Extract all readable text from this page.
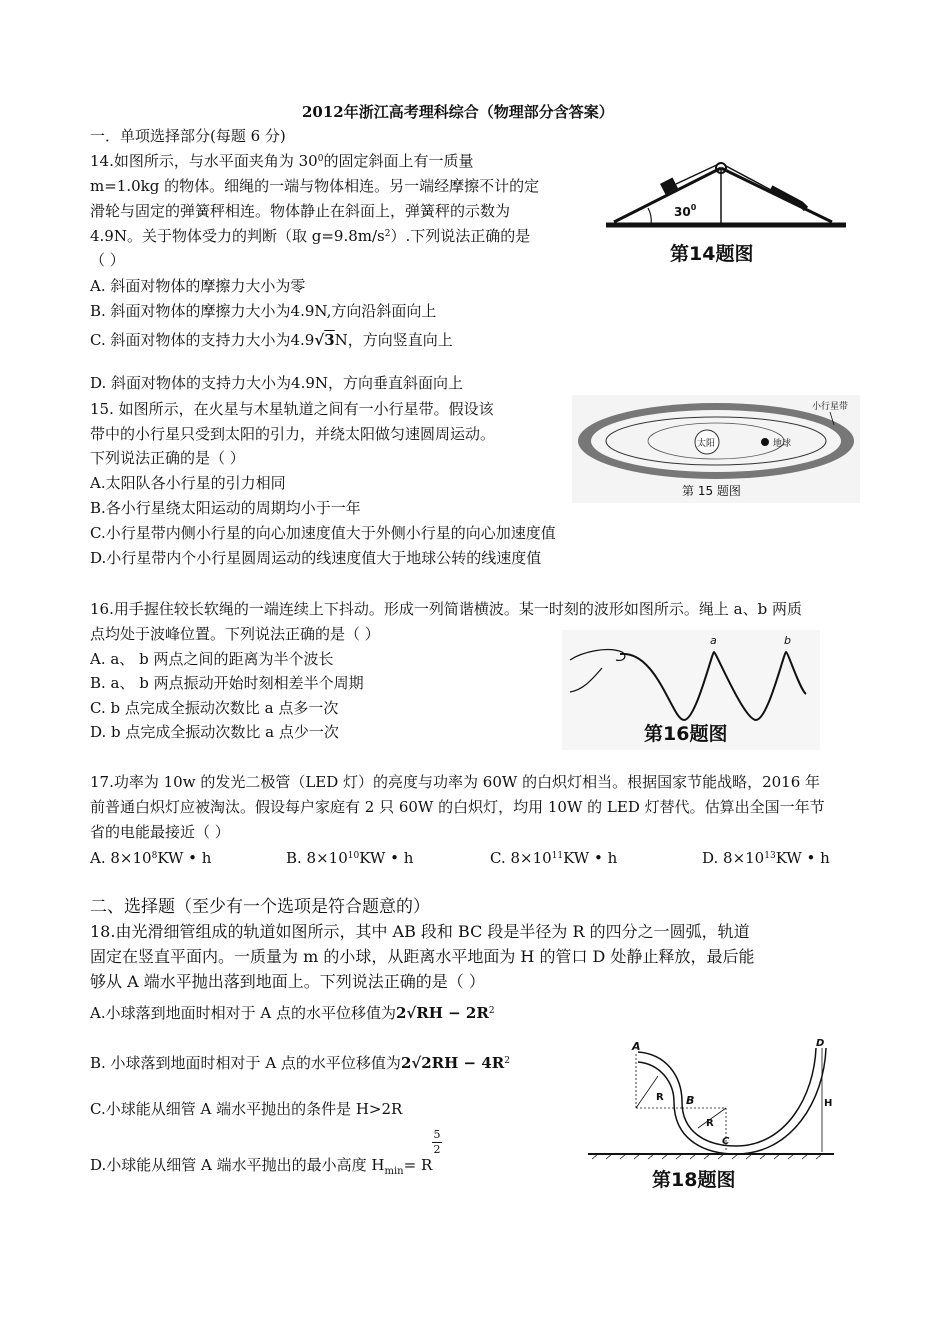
2012年浙江高考理科综合（物理部分含答案）
一．单项选择部分(每题 6 分)
14.如图所示，与水平面夹角为 $30^0$的固定斜面上有一质量
m=1.0kg 的物体。细绳的一端与物体相连。另一端经摩擦不计的定
滑轮与固定的弹簧秤相连。物体静止在斜面上，弹簧秤的示数为
4.9N。关于物体受力的判断（取 $g=9.8m/s^2$）.下列说法正确的是
（ ）
A. 斜面对物体的摩擦力大小为零
B. 斜面对物体的摩擦力大小为4.9N,方向沿斜面向上
C. 斜面对物体的支持力大小为4.9√3N，方向竖直向上
D. 斜面对物体的支持力大小为4.9N，方向垂直斜面向上
$30^0$
第14题图
15. 如图所示，在火星与木星轨道之间有一小行星带。假设该
带中的小行星只受到太阳的引力，并绕太阳做匀速圆周运动。
下列说法正确的是（ ）
A.太阳队各小行星的引力相同
B.各小行星绕太阳运动的周期均小于一年
C.小行星带内侧小行星的向心加速度值大于外侧小行星的向心加速度值
D.小行星带内个小行星圆周运动的线速度值大于地球公转的线速度值
太阳	地球
小行星带
第 15 题图
16.用手握住较长软绳的一端连续上下抖动。形成一列简谐横波。某一时刻的波形如图所示。绳上 a、b 两质
点均处于波峰位置。下列说法正确的是（ ）
A. a、 b 两点之间的距离为半个波长
B. a、 b 两点振动开始时刻相差半个周期
C. b 点完成全振动次数比 a 点多一次
D. b 点完成全振动次数比 a 点少一次
a	b
第16题图
17.功率为 10w 的发光二极管（LED 灯）的亮度与功率为 60W 的白炽灯相当。根据国家节能战略，2016 年
前普通白炽灯应被淘汰。假设每户家庭有 2 只 60W 的白炽灯，均用 10W 的 LED 灯替代。估算出全国一年节
省的电能最接近（ ）
A. $8\times 10^8KW$ • h	B. $8\times 10^{10}KW$ • h	C. $8\times 10^{11}KW$ • h	D. $8\times 10^{13}KW$ • h
二、选择题（至少有一个选项是符合题意的）
18.由光滑细管组成的轨道如图所示，其中 AB 段和 BC 段是半径为 R 的四分之一圆弧，轨道
固定在竖直平面内。一质量为 m 的小球，从距离水平地面为 H 的管口 D 处静止释放，最后能
够从 A 端水平抛出落到地面上。下列说法正确的是（ ）
A.小球落到地面时相对于 A 点的水平位移值为$2√RH - 2R^2$
B. 小球落到地面时相对于 A 点的水平位移值为$2√2RH - 4R^2$
C.小球能从细管 A 端水平抛出的条件是 H>2R
D.小球能从细管 A 端水平抛出的最小高度 $H_{min}= R$
5
2
A
B
C
D
R
R
H
第18题图
